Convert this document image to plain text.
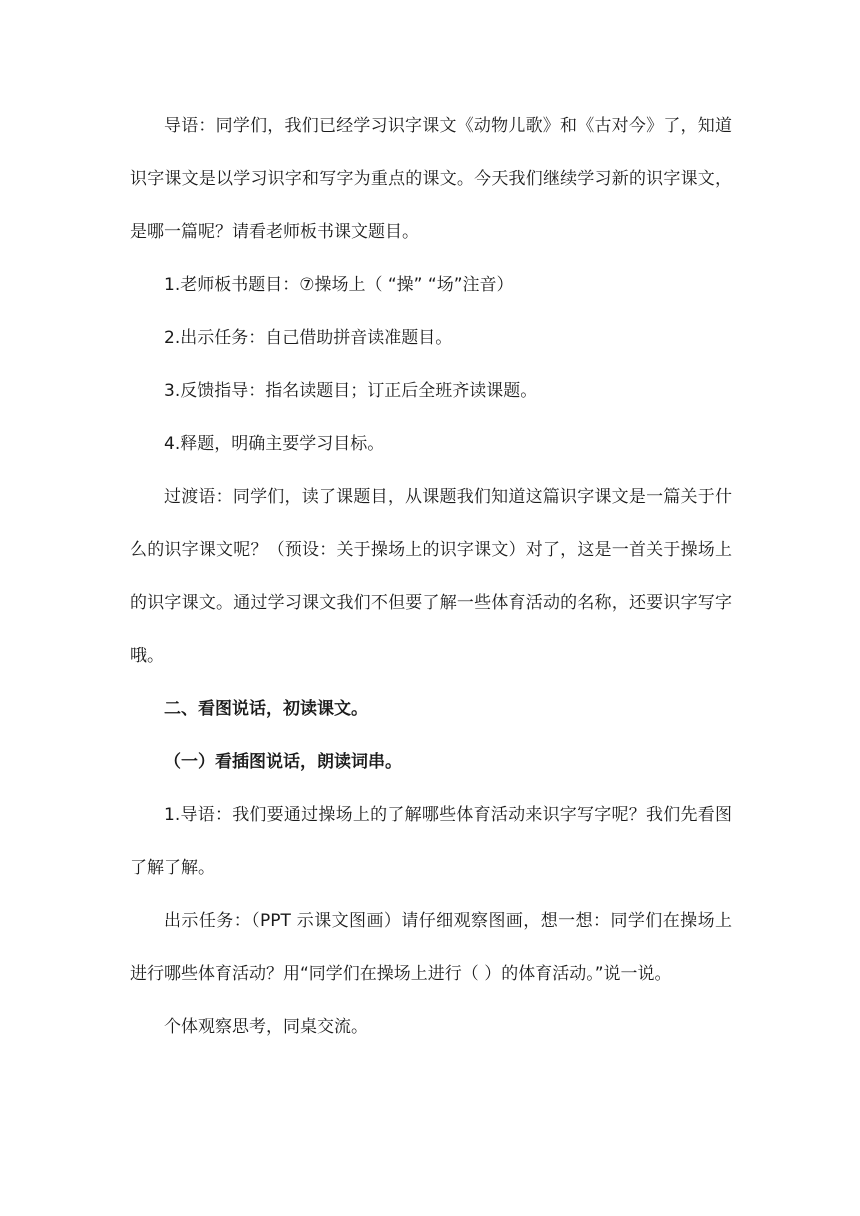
导语：同学们，我们已经学习识字课文《动物儿歌》和《古对今》了，知道识字课文是以学习识字和写字为重点的课文。今天我们继续学习新的识字课文，是哪一篇呢？请看老师板书课文题目。

1.老师板书题目：⑦操场上（ “操” “场”注音）

2.出示任务：自己借助拼音读准题目。

3.反馈指导：指名读题目；订正后全班齐读课题。

4.释题，明确主要学习目标。

过渡语：同学们，读了课题目，从课题我们知道这篇识字课文是一篇关于什么的识字课文呢？（预设：关于操场上的识字课文）对了，这是一首关于操场上的识字课文。通过学习课文我们不但要了解一些体育活动的名称，还要识字写字哦。

二、看图说话，初读课文。

（一）看插图说话，朗读词串。

1.导语：我们要通过操场上的了解哪些体育活动来识字写字呢？我们先看图了解了解。

出示任务：（PPT 示课文图画）请仔细观察图画，想一想：同学们在操场上进行哪些体育活动？用“同学们在操场上进行（ ）的体育活动。”说一说。

个体观察思考，同桌交流。
